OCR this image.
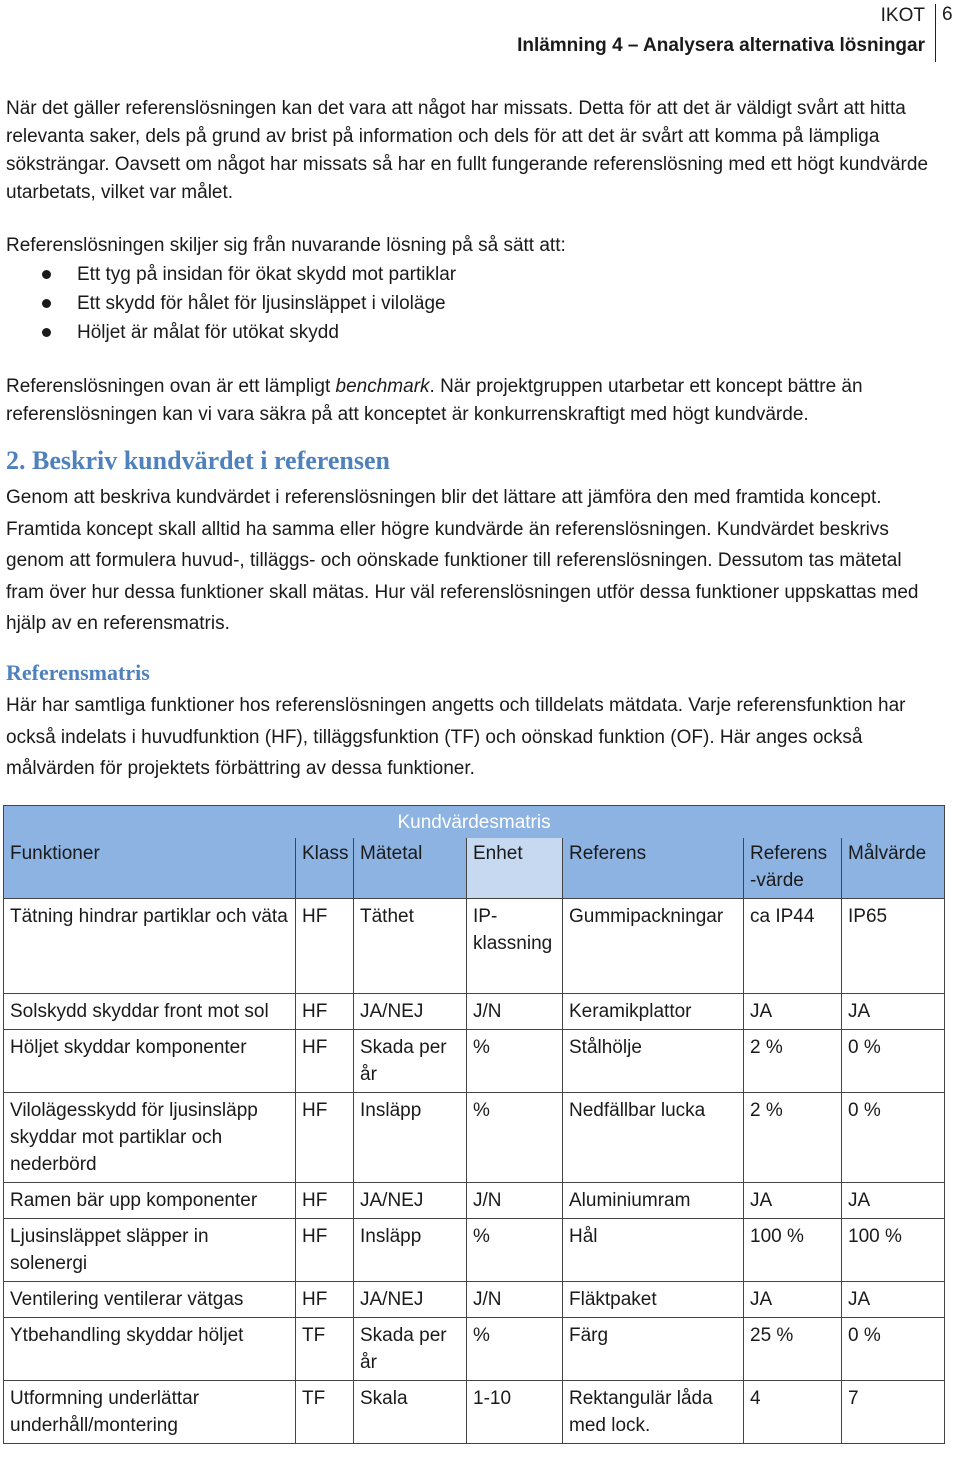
IKOT
Inlämning 4 – Analysera alternativa lösningar
6

När det gäller referenslösningen kan det vara att något har missats. Detta för att det är väldigt svårt att hitta relevanta saker, dels på grund av brist på information och dels för att det är svårt att komma på lämpliga söksträngar. Oavsett om något har missats så har en fullt fungerande referenslösning med ett högt kundvärde utarbetats, vilket var målet.

Referenslösningen skiljer sig från nuvarande lösning på så sätt att:

Ett tyg på insidan för ökat skydd mot partiklar
Ett skydd för hålet för ljusinsläppet i viloläge
Höljet är målat för utökat skydd

Referenslösningen ovan är ett lämpligt benchmark. När projektgruppen utarbetar ett koncept bättre än referenslösningen kan vi vara säkra på att konceptet är konkurrenskraftigt med högt kundvärde.

2. Beskriv kundvärdet i referensen

Genom att beskriva kundvärdet i referenslösningen blir det lättare att jämföra den med framtida koncept. Framtida koncept skall alltid ha samma eller högre kundvärde än referenslösningen. Kundvärdet beskrivs genom att formulera huvud-, tilläggs- och oönskade funktioner till referenslösningen. Dessutom tas mätetal fram över hur dessa funktioner skall mätas. Hur väl referenslösningen utför dessa funktioner uppskattas med hjälp av en referensmatris.

Referensmatris

Här har samtliga funktioner hos referenslösningen angetts och tilldelats mätdata. Varje referensfunktion har också indelats i huvudfunktion (HF), tilläggsfunktion (TF) och oönskad funktion (OF). Här anges också målvärden för projektets förbättring av dessa funktioner.

Kundvärdesmatris						
Funktioner	Klass	Mätetal	Enhet	Referens	Referens -värde	Målvärde
Tätning hindrar partiklar och väta	HF	Täthet	IP-klassning	Gummipackningar	ca IP44	IP65
Solskydd skyddar front mot sol	HF	JA/NEJ	J/N	Keramikplattor	JA	JA
Höljet skyddar komponenter	HF	Skada per år	%	Stålhölje	2 %	0 %
Vilolägesskydd för ljusinsläpp skyddar mot partiklar och nederbörd	HF	Insläpp	%	Nedfällbar lucka	2 %	0 %
Ramen bär upp komponenter	HF	JA/NEJ	J/N	Aluminiumram	JA	JA
Ljusinsläppet släpper in solenergi	HF	Insläpp	%	Hål	100 %	100 %
Ventilering ventilerar vätgas	HF	JA/NEJ	J/N	Fläktpaket	JA	JA
Ytbehandling skyddar höljet	TF	Skada per år	%	Färg	25 %	0 %
Utformning underlättar underhåll/montering	TF	Skala	1-10	Rektangulär låda med lock.	4	7
